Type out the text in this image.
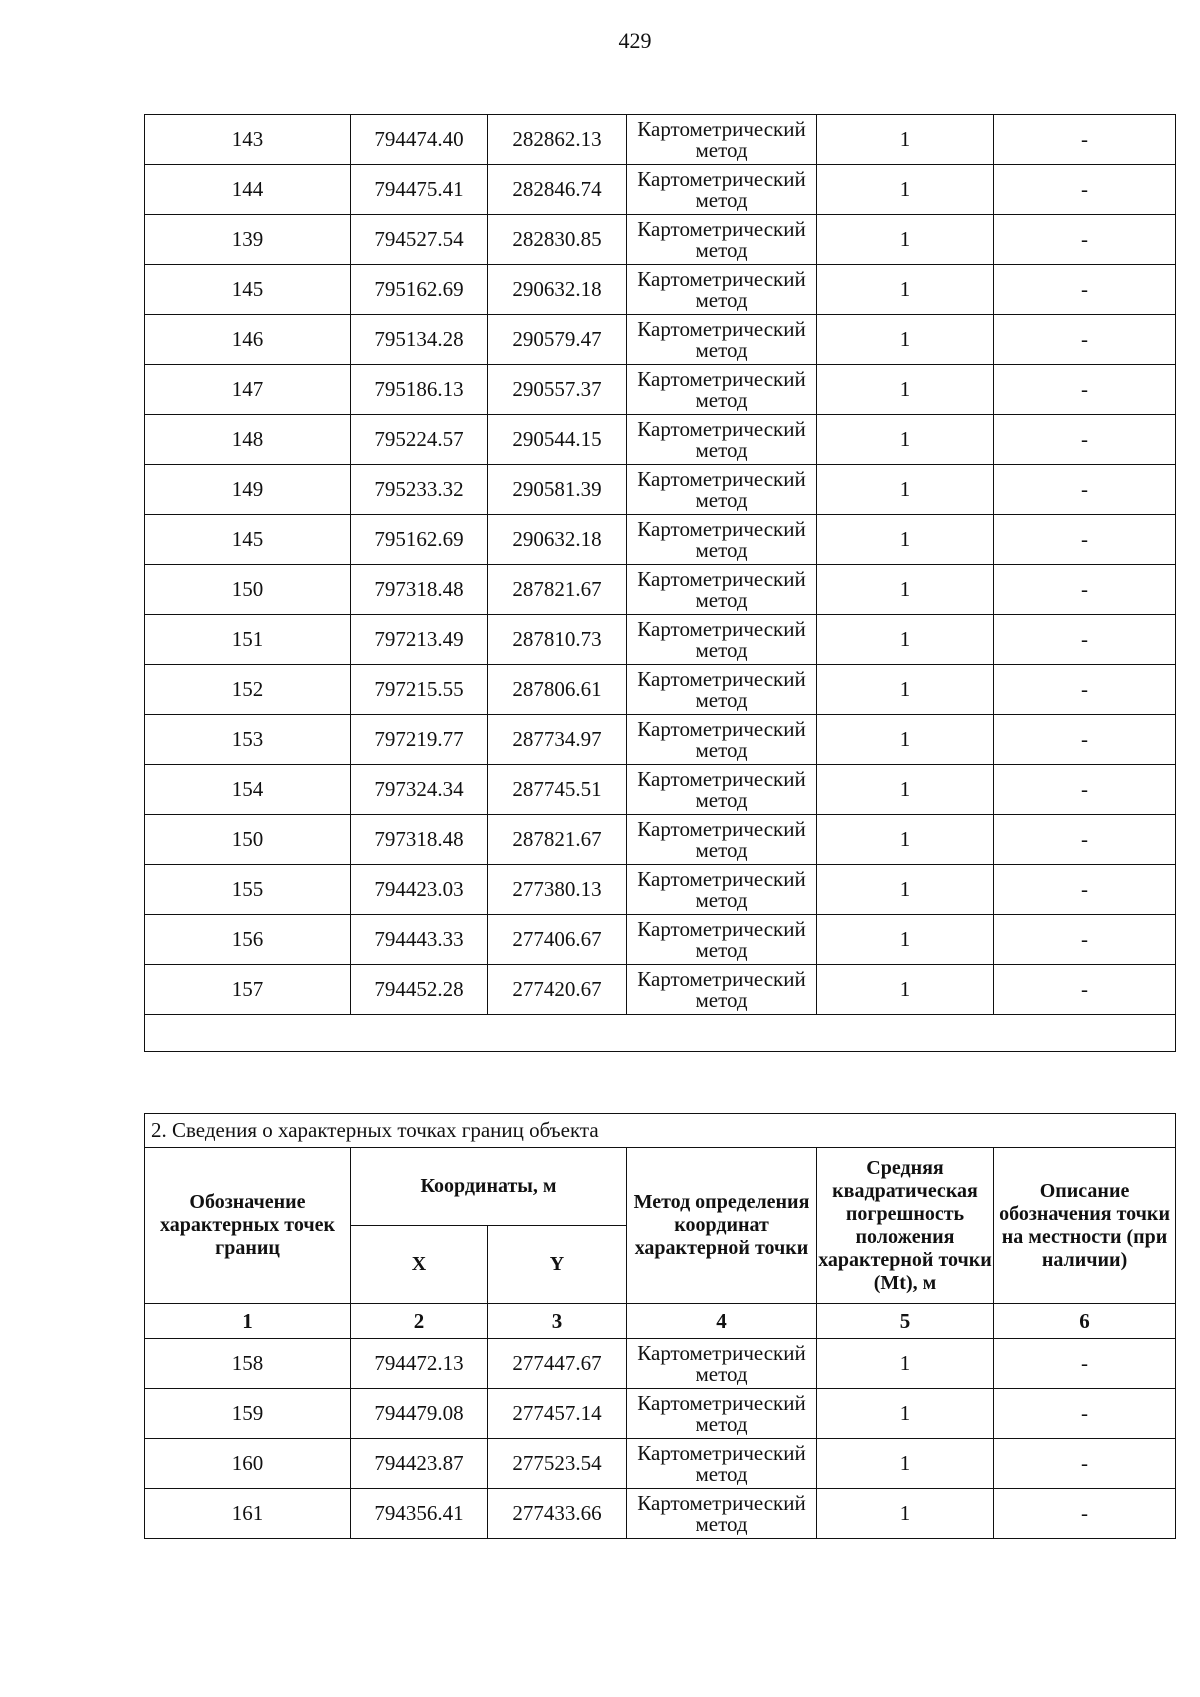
429
143	794474.40	282862.13	Картометрический метод	1	-
144	794475.41	282846.74	Картометрический метод	1	-
139	794527.54	282830.85	Картометрический метод	1	-
145	795162.69	290632.18	Картометрический метод	1	-
146	795134.28	290579.47	Картометрический метод	1	-
147	795186.13	290557.37	Картометрический метод	1	-
148	795224.57	290544.15	Картометрический метод	1	-
149	795233.32	290581.39	Картометрический метод	1	-
145	795162.69	290632.18	Картометрический метод	1	-
150	797318.48	287821.67	Картометрический метод	1	-
151	797213.49	287810.73	Картометрический метод	1	-
152	797215.55	287806.61	Картометрический метод	1	-
153	797219.77	287734.97	Картометрический метод	1	-
154	797324.34	287745.51	Картометрический метод	1	-
150	797318.48	287821.67	Картометрический метод	1	-
155	794423.03	277380.13	Картометрический метод	1	-
156	794443.33	277406.67	Картометрический метод	1	-
157	794452.28	277420.67	Картометрический метод	1	-

2. Сведения о характерных точках границ объекта					
Обозначение характерных точек границ	Координаты, м		Метод определения координат характерной точки	Средняя квадратическая погрешность положения характерной точки (Mt), м	Описание обозначения точки на местности (при наличии)
	X	Y			
1	2	3	4	5	6
158	794472.13	277447.67	Картометрический метод	1	-
159	794479.08	277457.14	Картометрический метод	1	-
160	794423.87	277523.54	Картометрический метод	1	-
161	794356.41	277433.66	Картометрический метод	1	-
